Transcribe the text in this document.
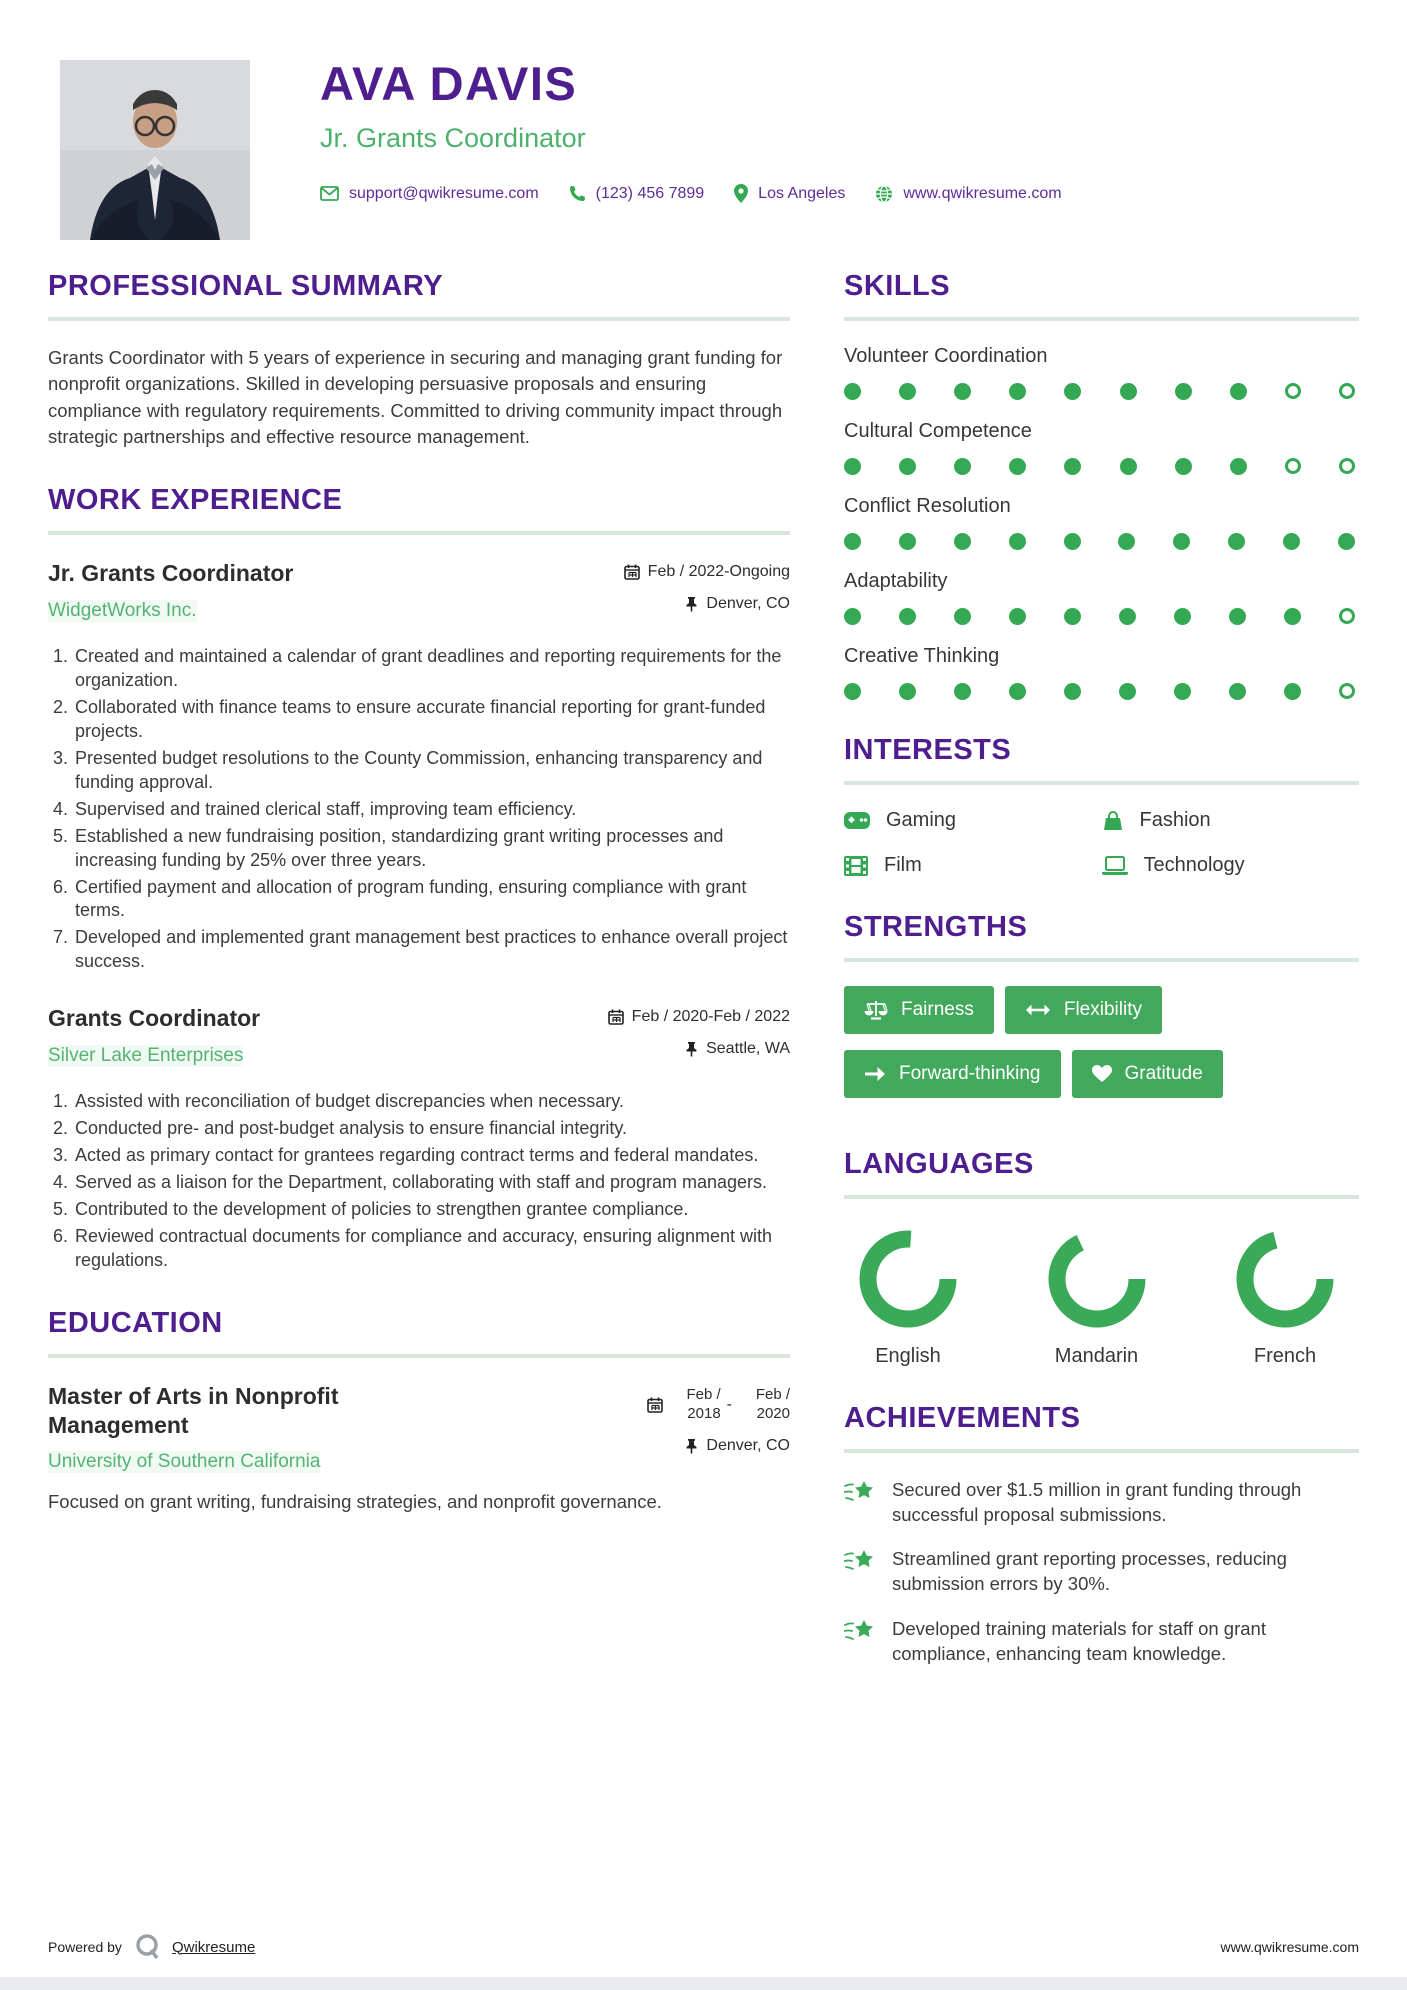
AVA DAVIS
Jr. Grants Coordinator
support@qwikresume.com	(123) 456 7899	Los Angeles	www.qwikresume.com
PROFESSIONAL SUMMARY

Grants Coordinator with 5 years of experience in securing and managing grant funding for nonprofit organizations. Skilled in developing persuasive proposals and ensuring compliance with regulatory requirements. Committed to driving community impact through strategic partnerships and effective resource management.

WORK EXPERIENCE
Jr. Grants Coordinator
WidgetWorks Inc.
Feb / 2022-Ongoing
Denver, CO
1. Created and maintained a calendar of grant deadlines and reporting requirements for the organization.
2. Collaborated with finance teams to ensure accurate financial reporting for grant-funded projects.
3. Presented budget resolutions to the County Commission, enhancing transparency and funding approval.
4. Supervised and trained clerical staff, improving team efficiency.
5. Established a new fundraising position, standardizing grant writing processes and increasing funding by 25% over three years.
6. Certified payment and allocation of program funding, ensuring compliance with grant terms.
7. Developed and implemented grant management best practices to enhance overall project success.
Grants Coordinator
Silver Lake Enterprises
Feb / 2020-Feb / 2022
Seattle, WA
1. Assisted with reconciliation of budget discrepancies when necessary.
2. Conducted pre- and post-budget analysis to ensure financial integrity.
3. Acted as primary contact for grantees regarding contract terms and federal mandates.
4. Served as a liaison for the Department, collaborating with staff and program managers.
5. Contributed to the development of policies to strengthen grantee compliance.
6. Reviewed contractual documents for compliance and accuracy, ensuring alignment with regulations.
EDUCATION
Master of Arts in Nonprofit Management
University of Southern California
Feb / 2018
-
Feb / 2020
Denver, CO

Focused on grant writing, fundraising strategies, and nonprofit governance.

SKILLS
Volunteer Coordination
Cultural Competence
Conflict Resolution
Adaptability
Creative Thinking
INTERESTS
Gaming	Fashion
Film	Technology
STRENGTHS
Fairness	Flexibility
Forward-thinking	Gratitude
LANGUAGES
English	Mandarin	French
ACHIEVEMENTS
Secured over $1.5 million in grant funding through successful proposal submissions.
Streamlined grant reporting processes, reducing submission errors by 30%.
Developed training materials for staff on grant compliance, enhancing team knowledge.
Powered by	Qwikresume	www.qwikresume.com
